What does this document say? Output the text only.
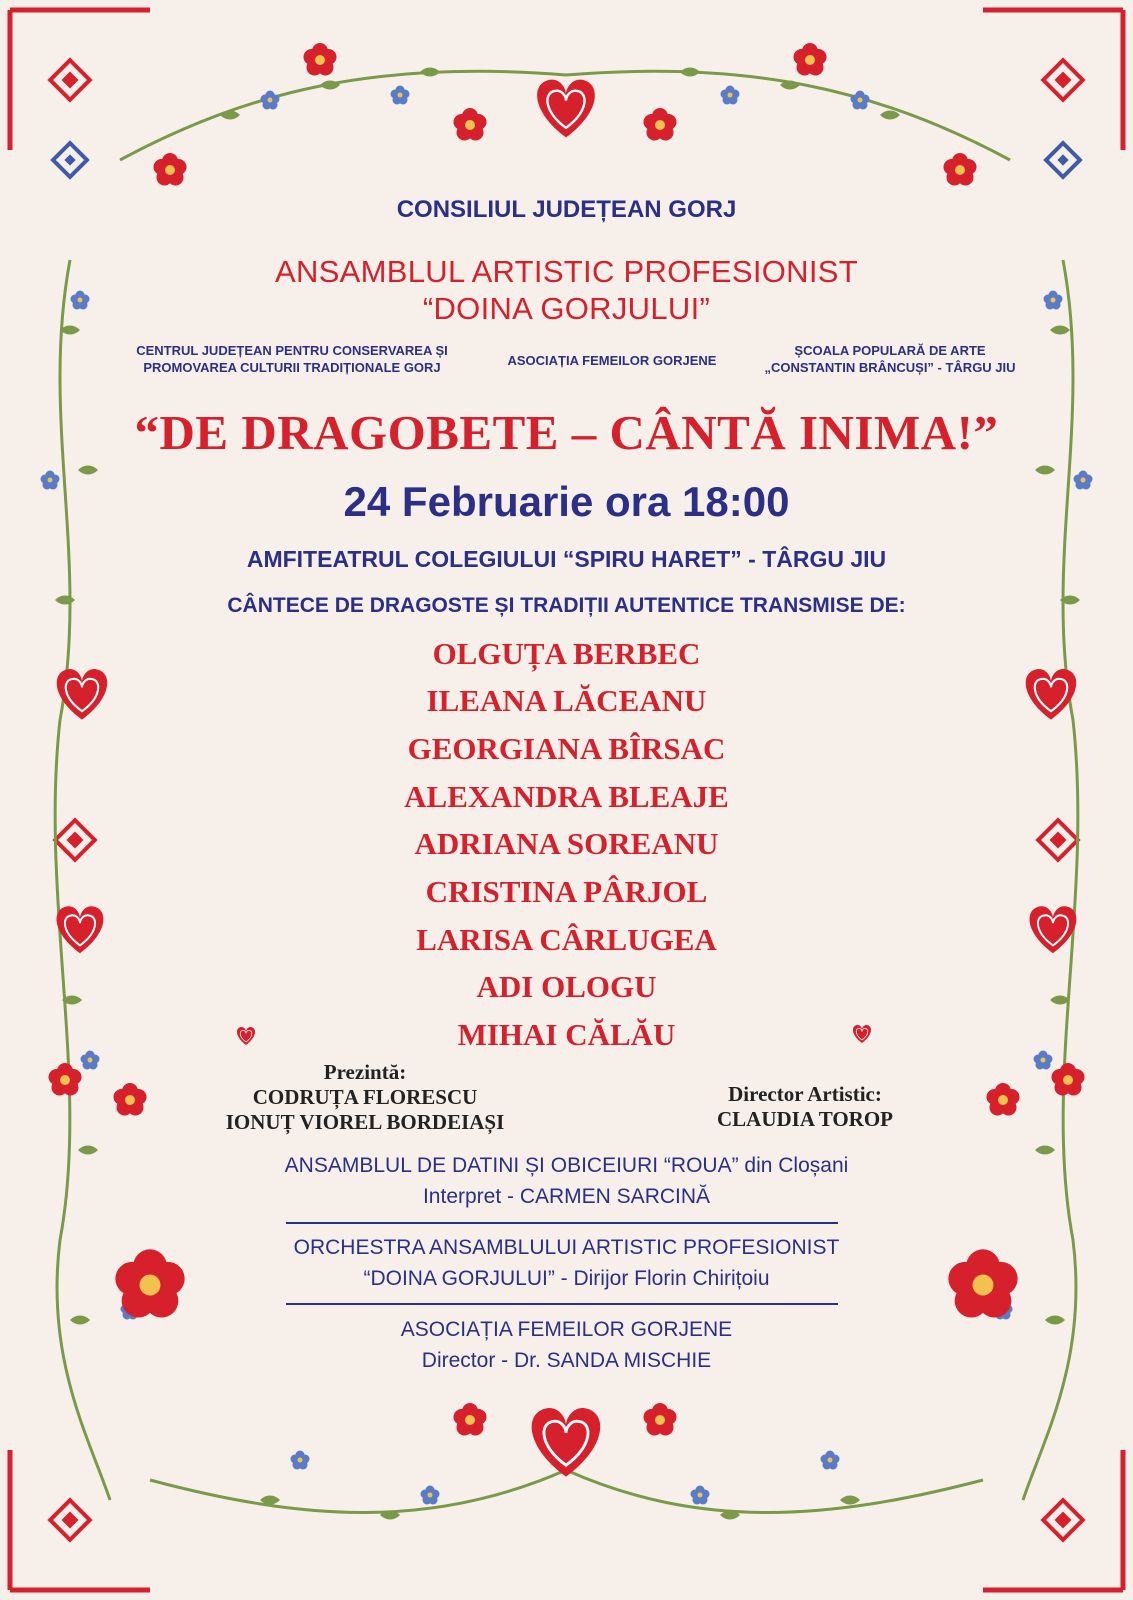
CONSILIUL JUDEȚEAN GORJ

ANSAMBLUL ARTISTIC PROFESIONIST

“DOINA GORJULUI”

CENTRUL JUDEȚEAN PENTRU CONSERVAREA ȘI
PROMOVAREA CULTURII TRADIȚIONALE GORJ	ASOCIAȚIA FEMEILOR GORJENE
ȘCOALA POPULARĂ DE ARTE
„CONSTANTIN BRÂNCUȘI” - TÂRGU JIU

“DE DRAGOBETE – CÂNTĂ INIMA!”

24 Februarie ora 18:00

AMFITEATRUL COLEGIULUI “SPIRU HARET” - TÂRGU JIU

CÂNTECE DE DRAGOSTE ȘI TRADIȚII AUTENTICE TRANSMISE DE:

OLGUȚA BERBEC
ILEANA LĂCEANU
GEORGIANA BÎRSAC
ALEXANDRA BLEAJE
ADRIANA SOREANU
CRISTINA PÂRJOL
LARISA CÂRLUGEA
ADI OLOGU
MIHAI CĂLĂU
Prezintă:
CODRUȚA FLORESCU
IONUȚ VIOREL BORDEIAȘI
Director Artistic:
CLAUDIA TOROP
ANSAMBLUL DE DATINI ȘI OBICEIURI “ROUA” din Cloșani
Interpret - CARMEN SARCINĂ
ORCHESTRA ANSAMBLULUI ARTISTIC PROFESIONIST
“DOINA GORJULUI” - Dirijor Florin Chirițoiu
ASOCIAȚIA FEMEILOR GORJENE
Director - Dr. SANDA MISCHIE
